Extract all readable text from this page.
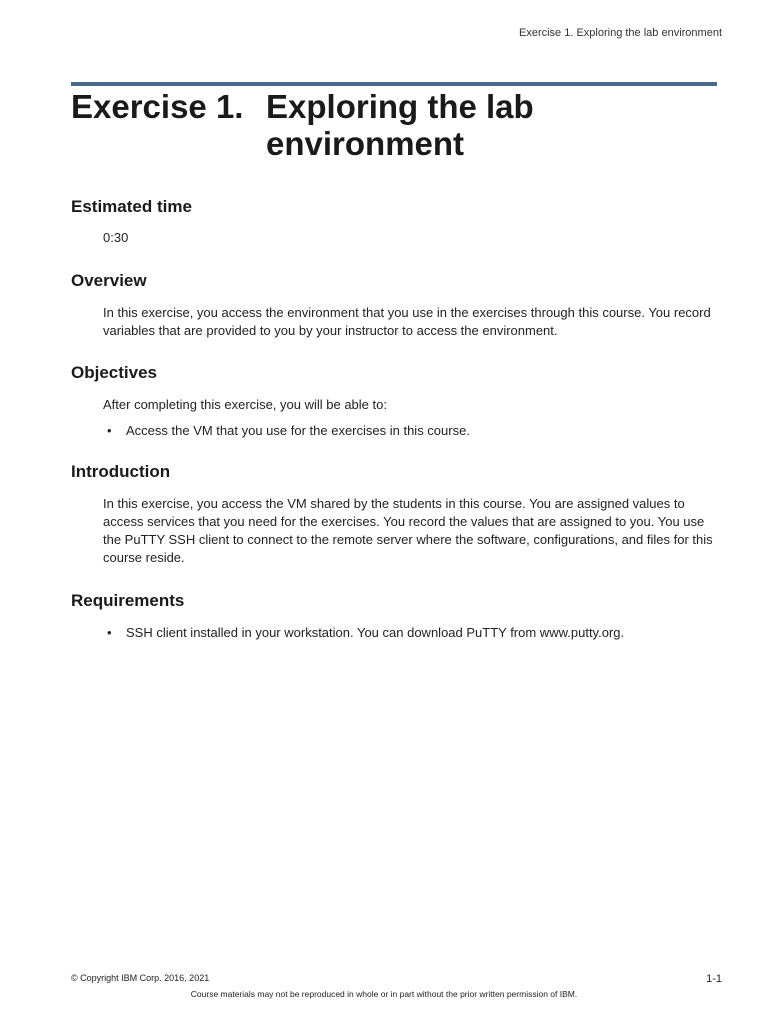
Exercise 1. Exploring the lab environment
Exercise 1. Exploring the lab environment
Estimated time

0:30

Overview

In this exercise, you access the environment that you use in the exercises through this course. You record variables that are provided to you by your instructor to access the environment.

Objectives

After completing this exercise, you will be able to:

• Access the VM that you use for the exercises in this course.
Introduction

In this exercise, you access the VM shared by the students in this course. You are assigned values to access services that you need for the exercises. You record the values that are assigned to you. You use the PuTTY SSH client to connect to the remote server where the software, configurations, and files for this course reside.

Requirements
• SSH client installed in your workstation. You can download PuTTY from www.putty.org.
© Copyright IBM Corp. 2016, 2021	1-1
Course materials may not be reproduced in whole or in part without the prior written permission of IBM.
